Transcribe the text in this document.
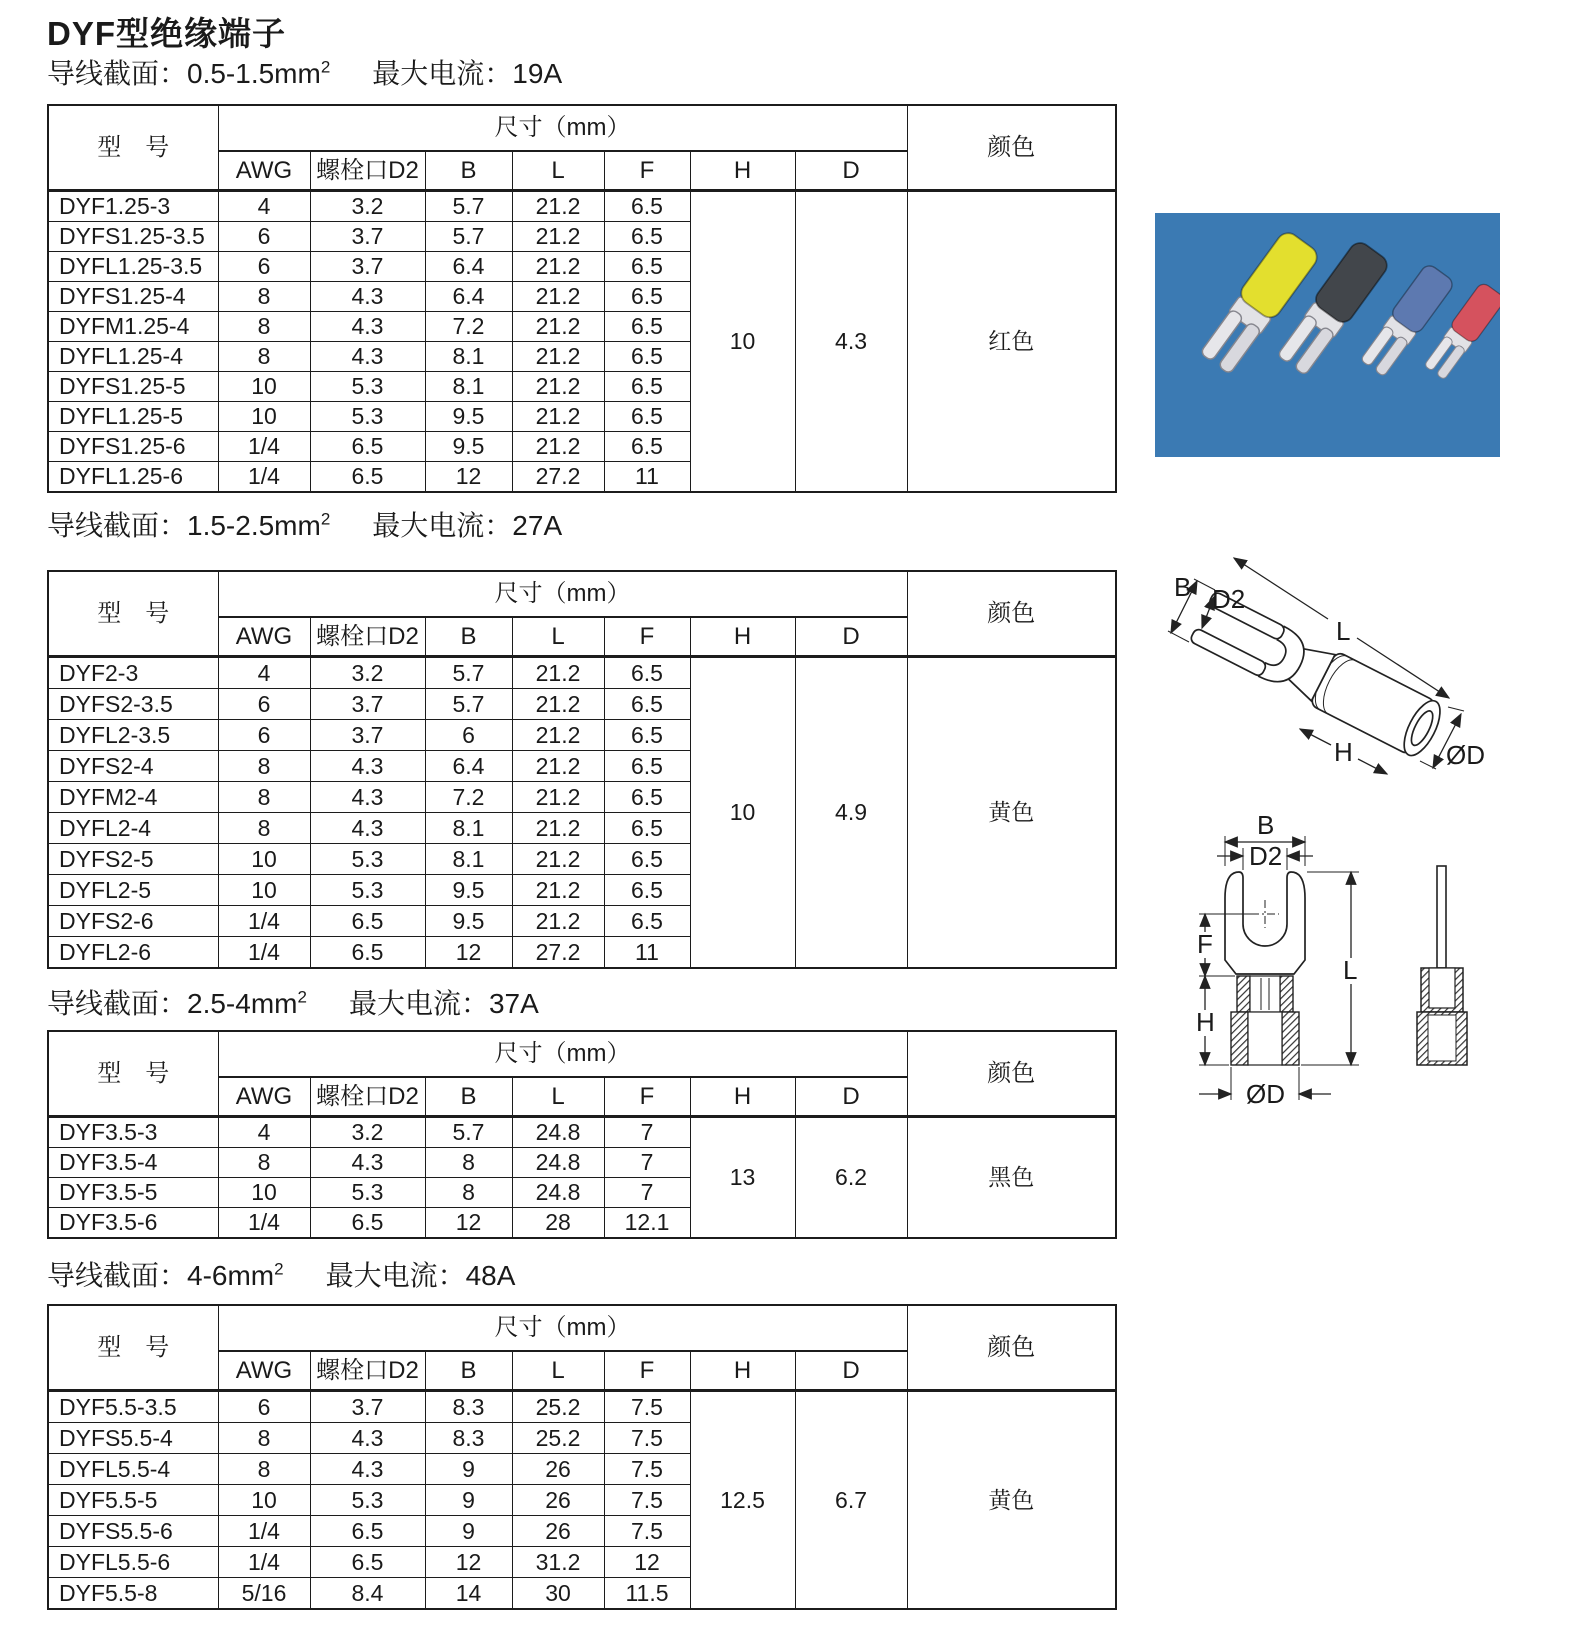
DYF型绝缘端子
导线截面：$0.5-1.5mm^2$ 最大电流：19A
型　号	尺寸（mm）							颜色
	AWG	螺栓口D2	B	L	F	H	D	
DYF1.25-3	4	3.2	5.7	21.2	6.5	10	4.3	红色
DYFS1.25-3.5	6	3.7	5.7	21.2	6.5			
DYFL1.25-3.5	6	3.7	6.4	21.2	6.5			
DYFS1.25-4	8	4.3	6.4	21.2	6.5			
DYFM1.25-4	8	4.3	7.2	21.2	6.5			
DYFL1.25-4	8	4.3	8.1	21.2	6.5			
DYFS1.25-5	10	5.3	8.1	21.2	6.5			
DYFL1.25-5	10	5.3	9.5	21.2	6.5			
DYFS1.25-6	1/4	6.5	9.5	21.2	6.5			
DYFL1.25-6	1/4	6.5	12	27.2	11			
导线截面：$1.5-2.5mm^2$ 最大电流：27A
型　号	尺寸（mm）							颜色
	AWG	螺栓口D2	B	L	F	H	D	
DYF2-3	4	3.2	5.7	21.2	6.5	10	4.9	黄色
DYFS2-3.5	6	3.7	5.7	21.2	6.5			
DYFL2-3.5	6	3.7	6	21.2	6.5			
DYFS2-4	8	4.3	6.4	21.2	6.5			
DYFM2-4	8	4.3	7.2	21.2	6.5			
DYFL2-4	8	4.3	8.1	21.2	6.5			
DYFS2-5	10	5.3	8.1	21.2	6.5			
DYFL2-5	10	5.3	9.5	21.2	6.5			
DYFS2-6	1/4	6.5	9.5	21.2	6.5			
DYFL2-6	1/4	6.5	12	27.2	11			
导线截面：$2.5-4mm^2$ 最大电流：37A
型　号	尺寸（mm）							颜色
	AWG	螺栓口D2	B	L	F	H	D	
DYF3.5-3	4	3.2	5.7	24.8	7	13	6.2	黑色
DYF3.5-4	8	4.3	8	24.8	7			
DYF3.5-5	10	5.3	8	24.8	7			
DYF3.5-6	1/4	6.5	12	28	12.1			
导线截面：$4-6mm^2$ 最大电流：48A
型　号	尺寸（mm）							颜色
	AWG	螺栓口D2	B	L	F	H	D	
DYF5.5-3.5	6	3.7	8.3	25.2	7.5	12.5	6.7	黄色
DYFS5.5-4	8	4.3	8.3	25.2	7.5			
DYFL5.5-4	8	4.3	9	26	7.5			
DYF5.5-5	10	5.3	9	26	7.5			
DYFS5.5-6	1/4	6.5	9	26	7.5			
DYFL5.5-6	1/4	6.5	12	31.2	12			
DYF5.5-8	5/16	8.4	14	30	11.5			
B D2
L
H	ØD
B
D2
F
H
L
ØD
